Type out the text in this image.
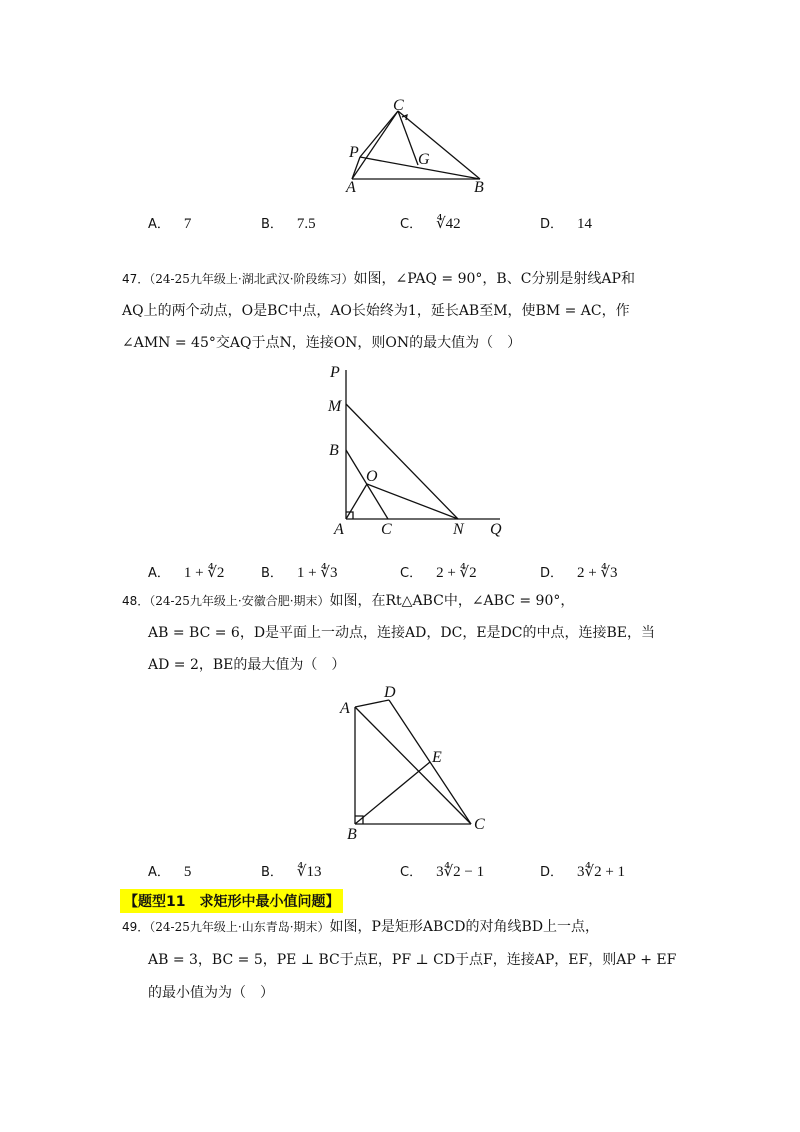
C
P	G
A	B
A． 7	B． 7.5	C． ∜42	D． 14
47．（24-25九年级上·湖北武汉·阶段练习）如图，∠PAQ = 90°，B、C分别是射线AP和
AQ上的两个动点，O是BC中点，AO长始终为1，延长AB至M，使BM = AC，作
∠AMN = 45°交AQ于点N，连接ON，则ON的最大值为（　）
P
M
B
O
A C	N Q
A． 1 + ∜2	B． 1 + ∜3	C． 2 + ∜2	D． 2 + ∜3
48．（24-25九年级上·安徽合肥·期末）如图，在Rt△ABC中，∠ABC = 90°，
AB = BC = 6，D是平面上一动点，连接AD，DC，E是DC的中点，连接BE，当
AD = 2，BE的最大值为（　）
D
A
E
B
C
A． 5	B． ∜13	C． 3∜2 − 1	D． 3∜2 + 1
【题型11　求矩形中最小值问题】
49．（24-25九年级上·山东青岛·期末）如图，P是矩形ABCD的对角线BD上一点，
AB = 3，BC = 5，PE ⊥ BC于点E，PF ⊥ CD于点F，连接AP，EF，则AP + EF
的最小值为为（　）
